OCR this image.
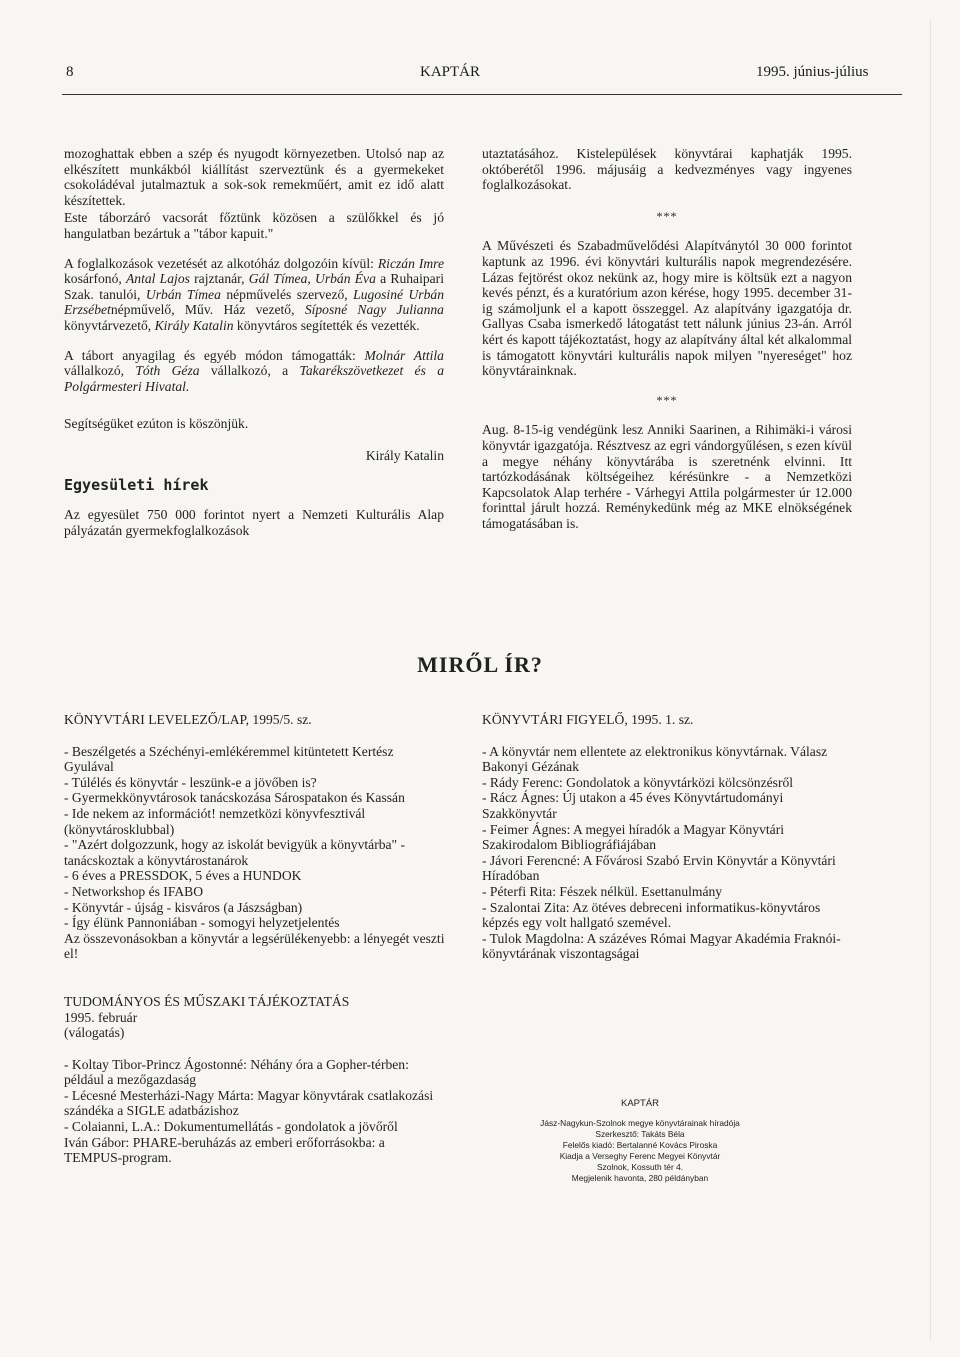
8	KAPTÁR	1995. június-július

mozoghattak ebben a szép és nyugodt környezetben. Utolsó nap az elkészített munkákból kiállítást szerveztünk és a gyermekeket csokoládéval jutalmaztuk a sok-sok remekműért, amit ez idő alatt készítettek.

Este táborzáró vacsorát főztünk közösen a szülőkkel és jó hangulatban bezártuk a "tábor kapuit."

A foglalkozások vezetését az alkotóház dolgozóin kívül: Riczán Imre kosárfonó, Antal Lajos rajztanár, Gál Tímea, Urbán Éva a Ruhaipari Szak. tanulói, Urbán Tímea népművelés szervező, Lugosiné Urbán Erzsébetnépművelő, Műv. Ház vezető, Síposné Nagy Julianna könyvtárvezető, Király Katalin könyvtáros segítették és vezették.

A tábort anyagilag és egyéb módon támogatták: Molnár Attila vállalkozó, Tóth Géza vállalkozó, a Takarékszövetkezet és a Polgármesteri Hivatal.

Segítségüket ezúton is köszönjük.

Király Katalin

Egyesületi hírek

Az egyesület 750 000 forintot nyert a Nemzeti Kulturális Alap pályázatán gyermekfoglalkozások

utaztatásához. Kistelepülések könyvtárai kaphatják 1995. októberétől 1996. májusáig a kedvezményes vagy ingyenes foglalkozásokat.

***

A Művészeti és Szabadművelődési Alapítványtól 30 000 forintot kaptunk az 1996. évi könyvtári kulturális napok megrendezésére. Lázas fejtörést okoz nekünk az, hogy mire is költsük ezt a nagyon kevés pénzt, és a kuratórium azon kérése, hogy 1995. december 31-ig számoljunk el a kapott összeggel. Az alapítvány igazgatója dr. Gallyas Csaba ismerkedő látogatást tett nálunk június 23-án. Arról kért és kapott tájékoztatást, hogy az alapítvány által két alkalommal is támogatott könyvtári kulturális napok milyen "nyereséget" hoz könyvtárainknak.

***

Aug. 8-15-ig vendégünk lesz Anniki Saarinen, a Rihimäki-i városi könyvtár igazgatója. Résztvesz az egri vándorgyűlésen, s ezen kívül a megye néhány könyvtárába is szeretnénk elvinni. Itt tartózkodásának költségeihez kérésünkre - a Nemzetközi Kapcsolatok Alap terhére - Várhegyi Attila polgármester úr 12.000 forinttal járult hozzá. Reménykedünk még az MKE elnökségének támogatásában is.

MIRŐL ÍR?

KÖNYVTÁRI LEVELEZŐ/LAP, 1995/5. sz.

- Beszélgetés a Széchényi-emlékéremmel kitüntetett Kertész Gyulával
- Túlélés és könyvtár - leszünk-e a jövőben is?
- Gyermekkönyvtárosok tanácskozása Sárospatakon és Kassán
- Ide nekem az információt! nemzetközi könyvfesztivál (könyvtárosklubbal)
- "Azért dolgozzunk, hogy az iskolát bevigyük a könyvtárba" - tanácskoztak a könyvtárostanárok
- 6 éves a PRESSDOK, 5 éves a HUNDOK
- Networkshop és IFABO
- Könyvtár - újság - kisváros (a Jászságban)
- Így élünk Pannoniában - somogyi helyzetjelentés
Az összevonásokban a könyvtár a legsérülékenyebb: a lényegét veszti el!

TUDOMÁNYOS ÉS MŰSZAKI TÁJÉKOZTATÁS
1995. február
(válogatás)

- Koltay Tibor-Princz Ágostonné: Néhány óra a Gopher-térben: például a mezőgazdaság
- Lécesné Mesterházi-Nagy Márta: Magyar könyvtárak csatlakozási szándéka a SIGLE adatbázishoz
- Colaianni, L.A.: Dokumentumellátás - gondolatok a jövőről
Iván Gábor: PHARE-beruházás az emberi erőforrásokba: a TEMPUS-program.

KÖNYVTÁRI FIGYELŐ, 1995. 1. sz.

- A könyvtár nem ellentete az elektronikus könyvtárnak. Válasz Bakonyi Gézának
- Rády Ferenc: Gondolatok a könyvtárközi kölcsönzésről
- Rácz Ágnes: Új utakon a 45 éves Könyvtártudományi Szakkönyvtár
- Feimer Ágnes: A megyei híradók a Magyar Könyvtári Szakirodalom Bibliográfiájában
- Jávori Ferencné: A Fővárosi Szabó Ervin Könyvtár a Könyvtári Híradóban
- Péterfi Rita: Fészek nélkül. Esettanulmány
- Szalontai Zita: Az ötéves debreceni informatikus-könyvtáros képzés egy volt hallgató szemével.
- Tulok Magdolna: A százéves Római Magyar Akadémia Fraknói-könyvtárának viszontagságai

KAPTÁR
Jász-Nagykun-Szolnok megye könyvtárainak híradója
Szerkesztő: Takáts Béla
Felelős kiadó: Bertalanné Kovács Piroska
Kiadja a Verseghy Ferenc Megyei Könyvtár
Szolnok, Kossuth tér 4.
Megjelenik havonta, 280 példányban
